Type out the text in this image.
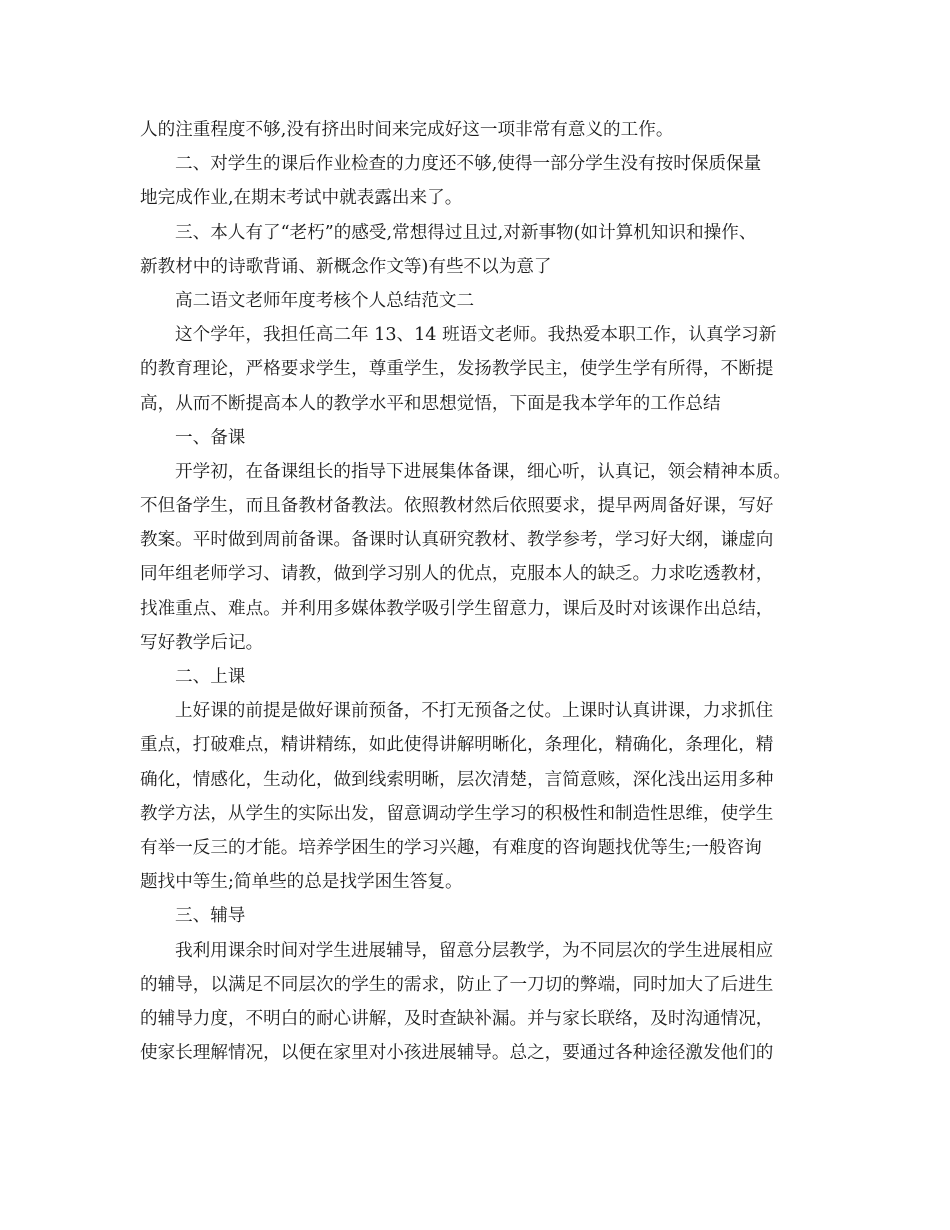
人的注重程度不够,没有挤出时间来完成好这一项非常有意义的工作。
二、对学生的课后作业检查的力度还不够,使得一部分学生没有按时保质保量
地完成作业,在期末考试中就表露出来了。
三、本人有了“老朽”的感受,常想得过且过,对新事物(如计算机知识和操作、
新教材中的诗歌背诵、新概念作文等)有些不以为意了
高二语文老师年度考核个人总结范文二
这个学年，我担任高二年 13、14 班语文老师。我热爱本职工作，认真学习新
的教育理论，严格要求学生，尊重学生，发扬教学民主，使学生学有所得，不断提
高，从而不断提高本人的教学水平和思想觉悟，下面是我本学年的工作总结
一、备课
开学初，在备课组长的指导下进展集体备课，细心听，认真记，领会精神本质。
不但备学生，而且备教材备教法。依照教材然后依照要求，提早两周备好课，写好
教案。平时做到周前备课。备课时认真研究教材、教学参考，学习好大纲，谦虚向
同年组老师学习、请教，做到学习别人的优点，克服本人的缺乏。力求吃透教材，
找准重点、难点。并利用多媒体教学吸引学生留意力，课后及时对该课作出总结，
写好教学后记。
二、上课
上好课的前提是做好课前预备，不打无预备之仗。上课时认真讲课，力求抓住
重点，打破难点，精讲精练，如此使得讲解明晰化，条理化，精确化，条理化，精
确化，情感化，生动化，做到线索明晰，层次清楚，言简意赅，深化浅出运用多种
教学方法，从学生的实际出发，留意调动学生学习的积极性和制造性思维，使学生
有举一反三的才能。培养学困生的学习兴趣，有难度的咨询题找优等生;一般咨询
题找中等生;简单些的总是找学困生答复。
三、辅导
我利用课余时间对学生进展辅导，留意分层教学，为不同层次的学生进展相应
的辅导，以满足不同层次的学生的需求，防止了一刀切的弊端，同时加大了后进生
的辅导力度，不明白的耐心讲解，及时查缺补漏。并与家长联络，及时沟通情况，
使家长理解情况，以便在家里对小孩进展辅导。总之，要通过各种途径激发他们的
